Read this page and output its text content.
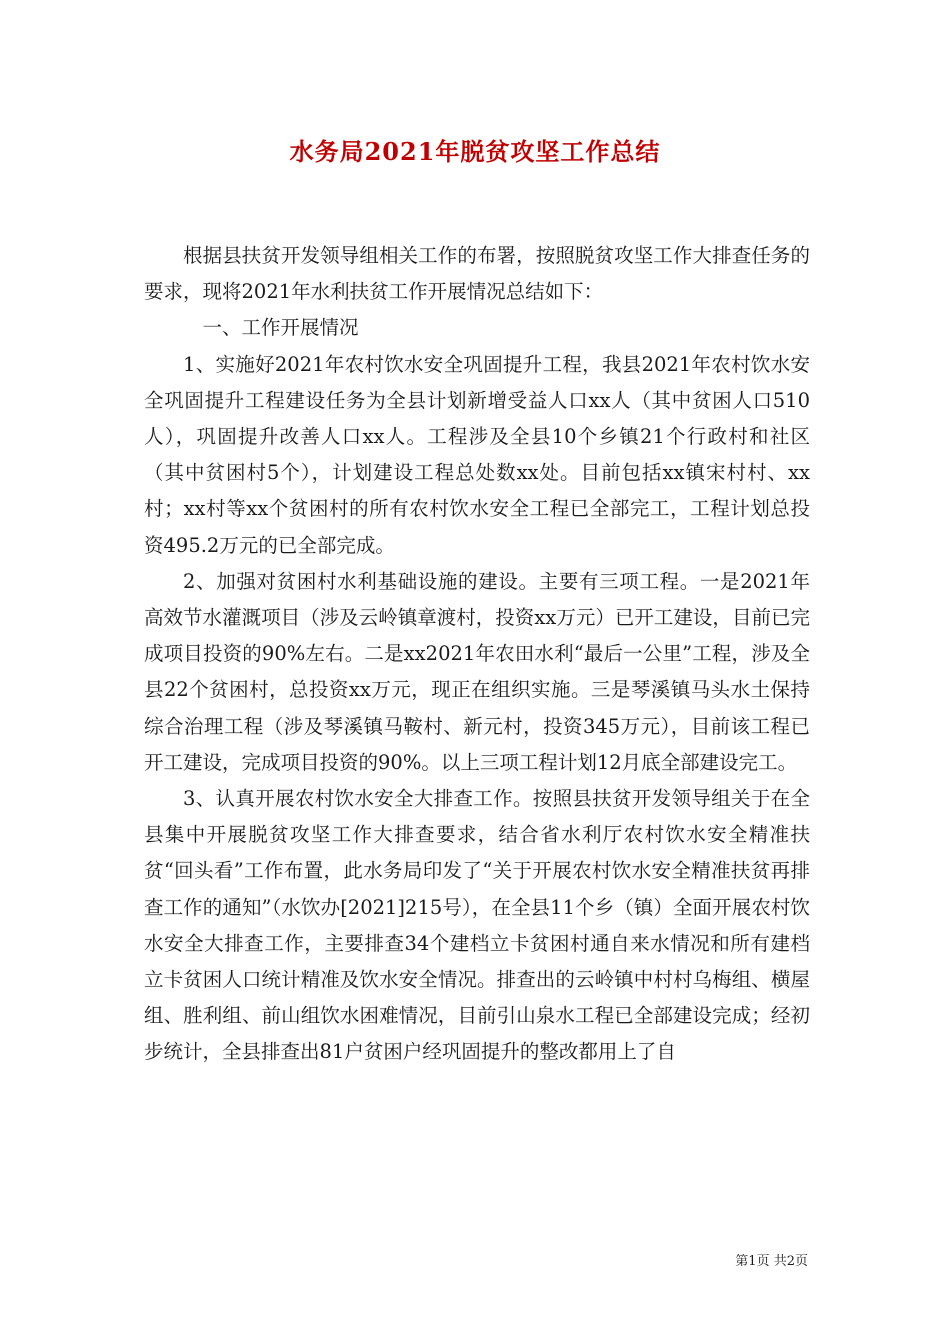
水务局2021年脱贫攻坚工作总结

根据县扶贫开发领导组相关工作的布署，按照脱贫攻坚工作大排查任务的要求，现将2021年水利扶贫工作开展情况总结如下：

一、工作开展情况

1、实施好2021年农村饮水安全巩固提升工程，我县2021年农村饮水安全巩固提升工程建设任务为全县计划新增受益人口xx人（其中贫困人口510人），巩固提升改善人口xx人。工程涉及全县10个乡镇21个行政村和社区（其中贫困村5个），计划建设工程总处数xx处。目前包括xx镇宋村村、xx村；xx村等xx个贫困村的所有农村饮水安全工程已全部完工，工程计划总投资495.2万元的已全部完成。

2、加强对贫困村水利基础设施的建设。主要有三项工程。一是2021年高效节水灌溉项目（涉及云岭镇章渡村，投资xx万元）已开工建设，目前已完成项目投资的90%左右。二是xx2021年农田水利“最后一公里”工程，涉及全县22个贫困村，总投资xx万元，现正在组织实施。三是琴溪镇马头水土保持综合治理工程（涉及琴溪镇马鞍村、新元村，投资345万元），目前该工程已开工建设，完成项目投资的90%。以上三项工程计划12月底全部建设完工。

3、认真开展农村饮水安全大排查工作。按照县扶贫开发领导组关于在全县集中开展脱贫攻坚工作大排查要求，结合省水利厅农村饮水安全精准扶贫“回头看”工作布置，此水务局印发了“关于开展农村饮水安全精准扶贫再排查工作的通知”（水饮办[2021]215号），在全县11个乡（镇）全面开展农村饮水安全大排查工作，主要排查34个建档立卡贫困村通自来水情况和所有建档立卡贫困人口统计精准及饮水安全情况。排查出的云岭镇中村村乌梅组、横屋组、胜利组、前山组饮水困难情况，目前引山泉水工程已全部建设完成；经初步统计，全县排查出81户贫困户经巩固提升的整改都用上了自

第1页 共2页
